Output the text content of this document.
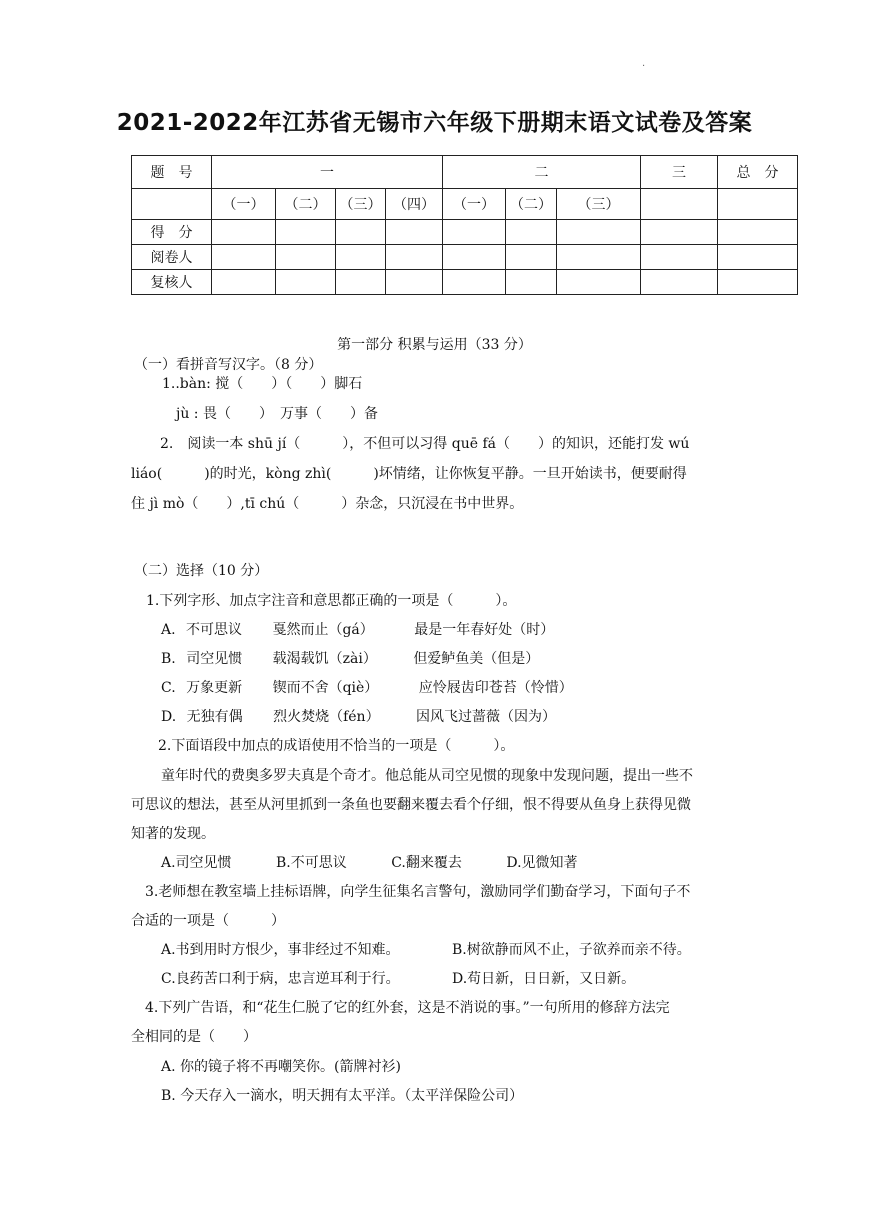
.
2021-2022年江苏省无锡市六年级下册期末语文试卷及答案
题　号	一				二			三	总　分
	（一）	（二）	（三）	（四）	（一）	（二）	（三）		
得　分									
阅卷人									
复核人									
第一部分 积累与运用（33 分）
（一）看拼音写汉字。（8 分）
1..bàn: 搅（　　）（　　）脚石
jù : 畏（　　）　万事（　　）备
2.　阅读一本 shū jí（　　　），不但可以习得 quē fá（　　）的知识，还能打发 wú
liáo(　　　)的时光，kòng zhì(　　　)坏情绪，让你恢复平静。一旦开始读书，便要耐得
住 jì mò（　　）,tī chú（　　　）杂念，只沉浸在书中世界。
（二）选择（10 分）
1.下列字形、加点字注音和意思都正确的一项是（　　　）。
A. 不可思议 戛然而止（gá）	最是一年春好处（时）
B. 司空见惯 载渴载饥（zài）	但爱鲈鱼美（但是）
C. 万象更新 锲而不舍（qiè）	应怜屐齿印苍苔（怜惜）
D. 无独有偶 烈火焚烧（fén）	因风飞过蔷薇（因为）
2.下面语段中加点的成语使用不恰当的一项是（　　　）。
童年时代的费奥多罗夫真是个奇才。他总能从司空见惯的现象中发现问题，提出一些不
可思议的想法，甚至从河里抓到一条鱼也要翻来覆去看个仔细，恨不得要从鱼身上获得见微
知著的发现。
A.司空见惯	B.不可思议	C.翻来覆去	D.见微知著
3.老师想在教室墙上挂标语牌，向学生征集名言警句，激励同学们勤奋学习，下面句子不
合适的一项是（　　　）
A.书到用时方恨少，事非经过不知难。	B.树欲静而风不止，子欲养而亲不待。
C.良药苦口利于病，忠言逆耳利于行。	D.苟日新，日日新，又日新。
4.下列广告语，和“花生仁脱了它的红外套，这是不消说的事。”一句所用的修辞方法完
全相同的是（　　）
A. 你的镜子将不再嘲笑你。(箭牌衬衫)
B. 今天存入一滴水，明天拥有太平洋。（太平洋保险公司）
